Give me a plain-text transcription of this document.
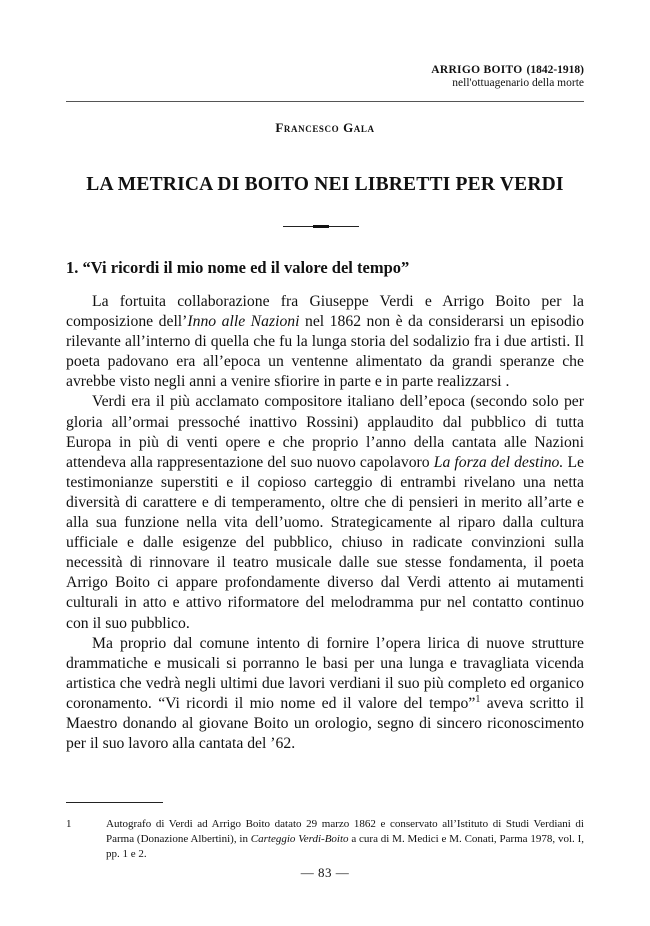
ARRIGO BOITO (1842-1918)
nell'ottuagenario della morte
Francesco Gala
LA METRICA DI BOITO NEI LIBRETTI PER VERDI
1. “Vi ricordi il mio nome ed il valore del tempo”

La fortuita collaborazione fra Giuseppe Verdi e Arrigo Boito per la composizione dell’Inno alle Nazioni nel 1862 non è da considerarsi un episodio rilevante all’interno di quella che fu la lunga storia del sodalizio fra i due artisti. Il poeta padovano era all’epoca un ventenne alimentato da grandi speranze che avrebbe visto negli anni a venire sfiorire in parte e in parte realizzarsi .

Verdi era il più acclamato compositore italiano dell’epoca (secondo solo per gloria all’ormai pressoché inattivo Rossini) applaudito dal pubblico di tutta Europa in più di venti opere e che proprio l’anno della cantata alle Nazioni attendeva alla rappresentazione del suo nuovo capolavoro La forza del destino. Le testimonianze superstiti e il copioso carteggio di entrambi rivelano una netta diversità di carattere e di temperamento, oltre che di pensieri in merito all’arte e alla sua funzione nella vita dell’uomo. Strategicamente al riparo dalla cultura ufficiale e dalle esigenze del pubblico, chiuso in radicate convinzioni sulla necessità di rinnovare il teatro musicale dalle sue stesse fondamenta, il poeta Arrigo Boito ci appare profondamente diverso dal Verdi attento ai mutamenti culturali in atto e attivo riformatore del melodramma pur nel contatto continuo con il suo pubblico.

Ma proprio dal comune intento di fornire l’opera lirica di nuove strutture drammatiche e musicali si porranno le basi per una lunga e travagliata vicenda artistica che vedrà negli ultimi due lavori verdiani il suo più completo ed organico coronamento. “Vi ricordi il mio nome ed il valore del tempo”$^1$ aveva scritto il Maestro donando al giovane Boito un orologio, segno di sincero riconoscimento per il suo lavoro alla cantata del ’62.

1	Autografo di Verdi ad Arrigo Boito datato 29 marzo 1862 e conservato all’Istituto di Studi Verdiani di Parma (Donazione Albertini), in Carteggio Verdi-Boito a cura di M. Medici e M. Conati, Parma 1978, vol. I, pp. 1 e 2.
— 83 —
